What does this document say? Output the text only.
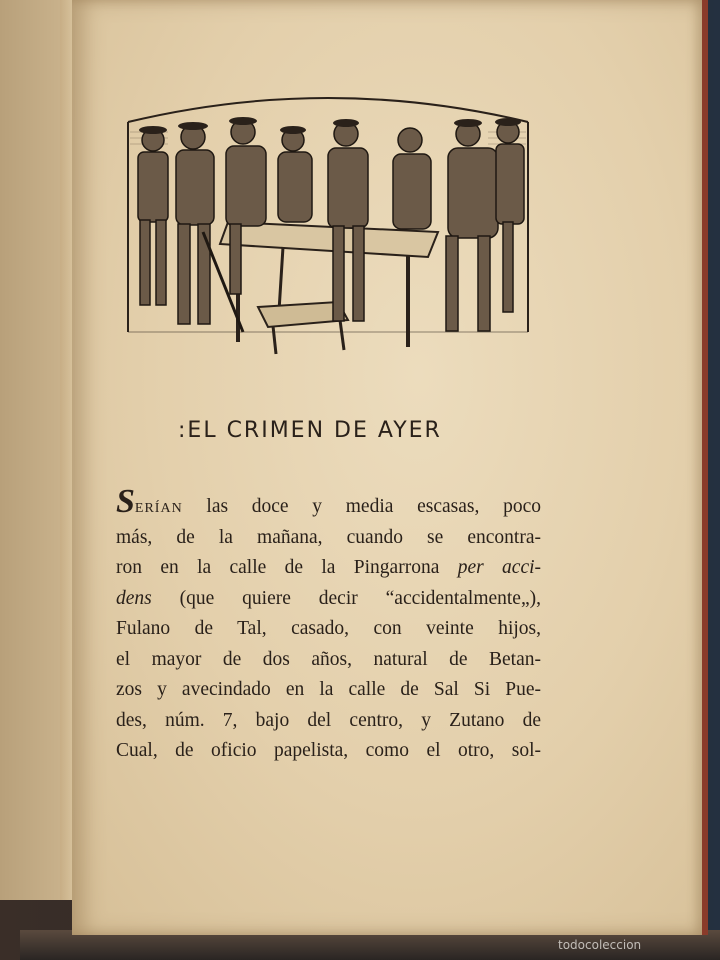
:EL CRIMEN DE AYER
Serían las doce y media escasas, poco
más, de la mañana, cuando se encontra-
ron en la calle de la Pingarrona per acci-
dens (que quiere decir “accidentalmente„),
Fulano de Tal, casado, con veinte hijos,
el mayor de dos años, natural de Betan-
zos y avecindado en la calle de Sal Si Pue-
des, núm. 7, bajo del centro, y Zutano de
Cual, de oficio papelista, como el otro, sol-
todocoleccion
